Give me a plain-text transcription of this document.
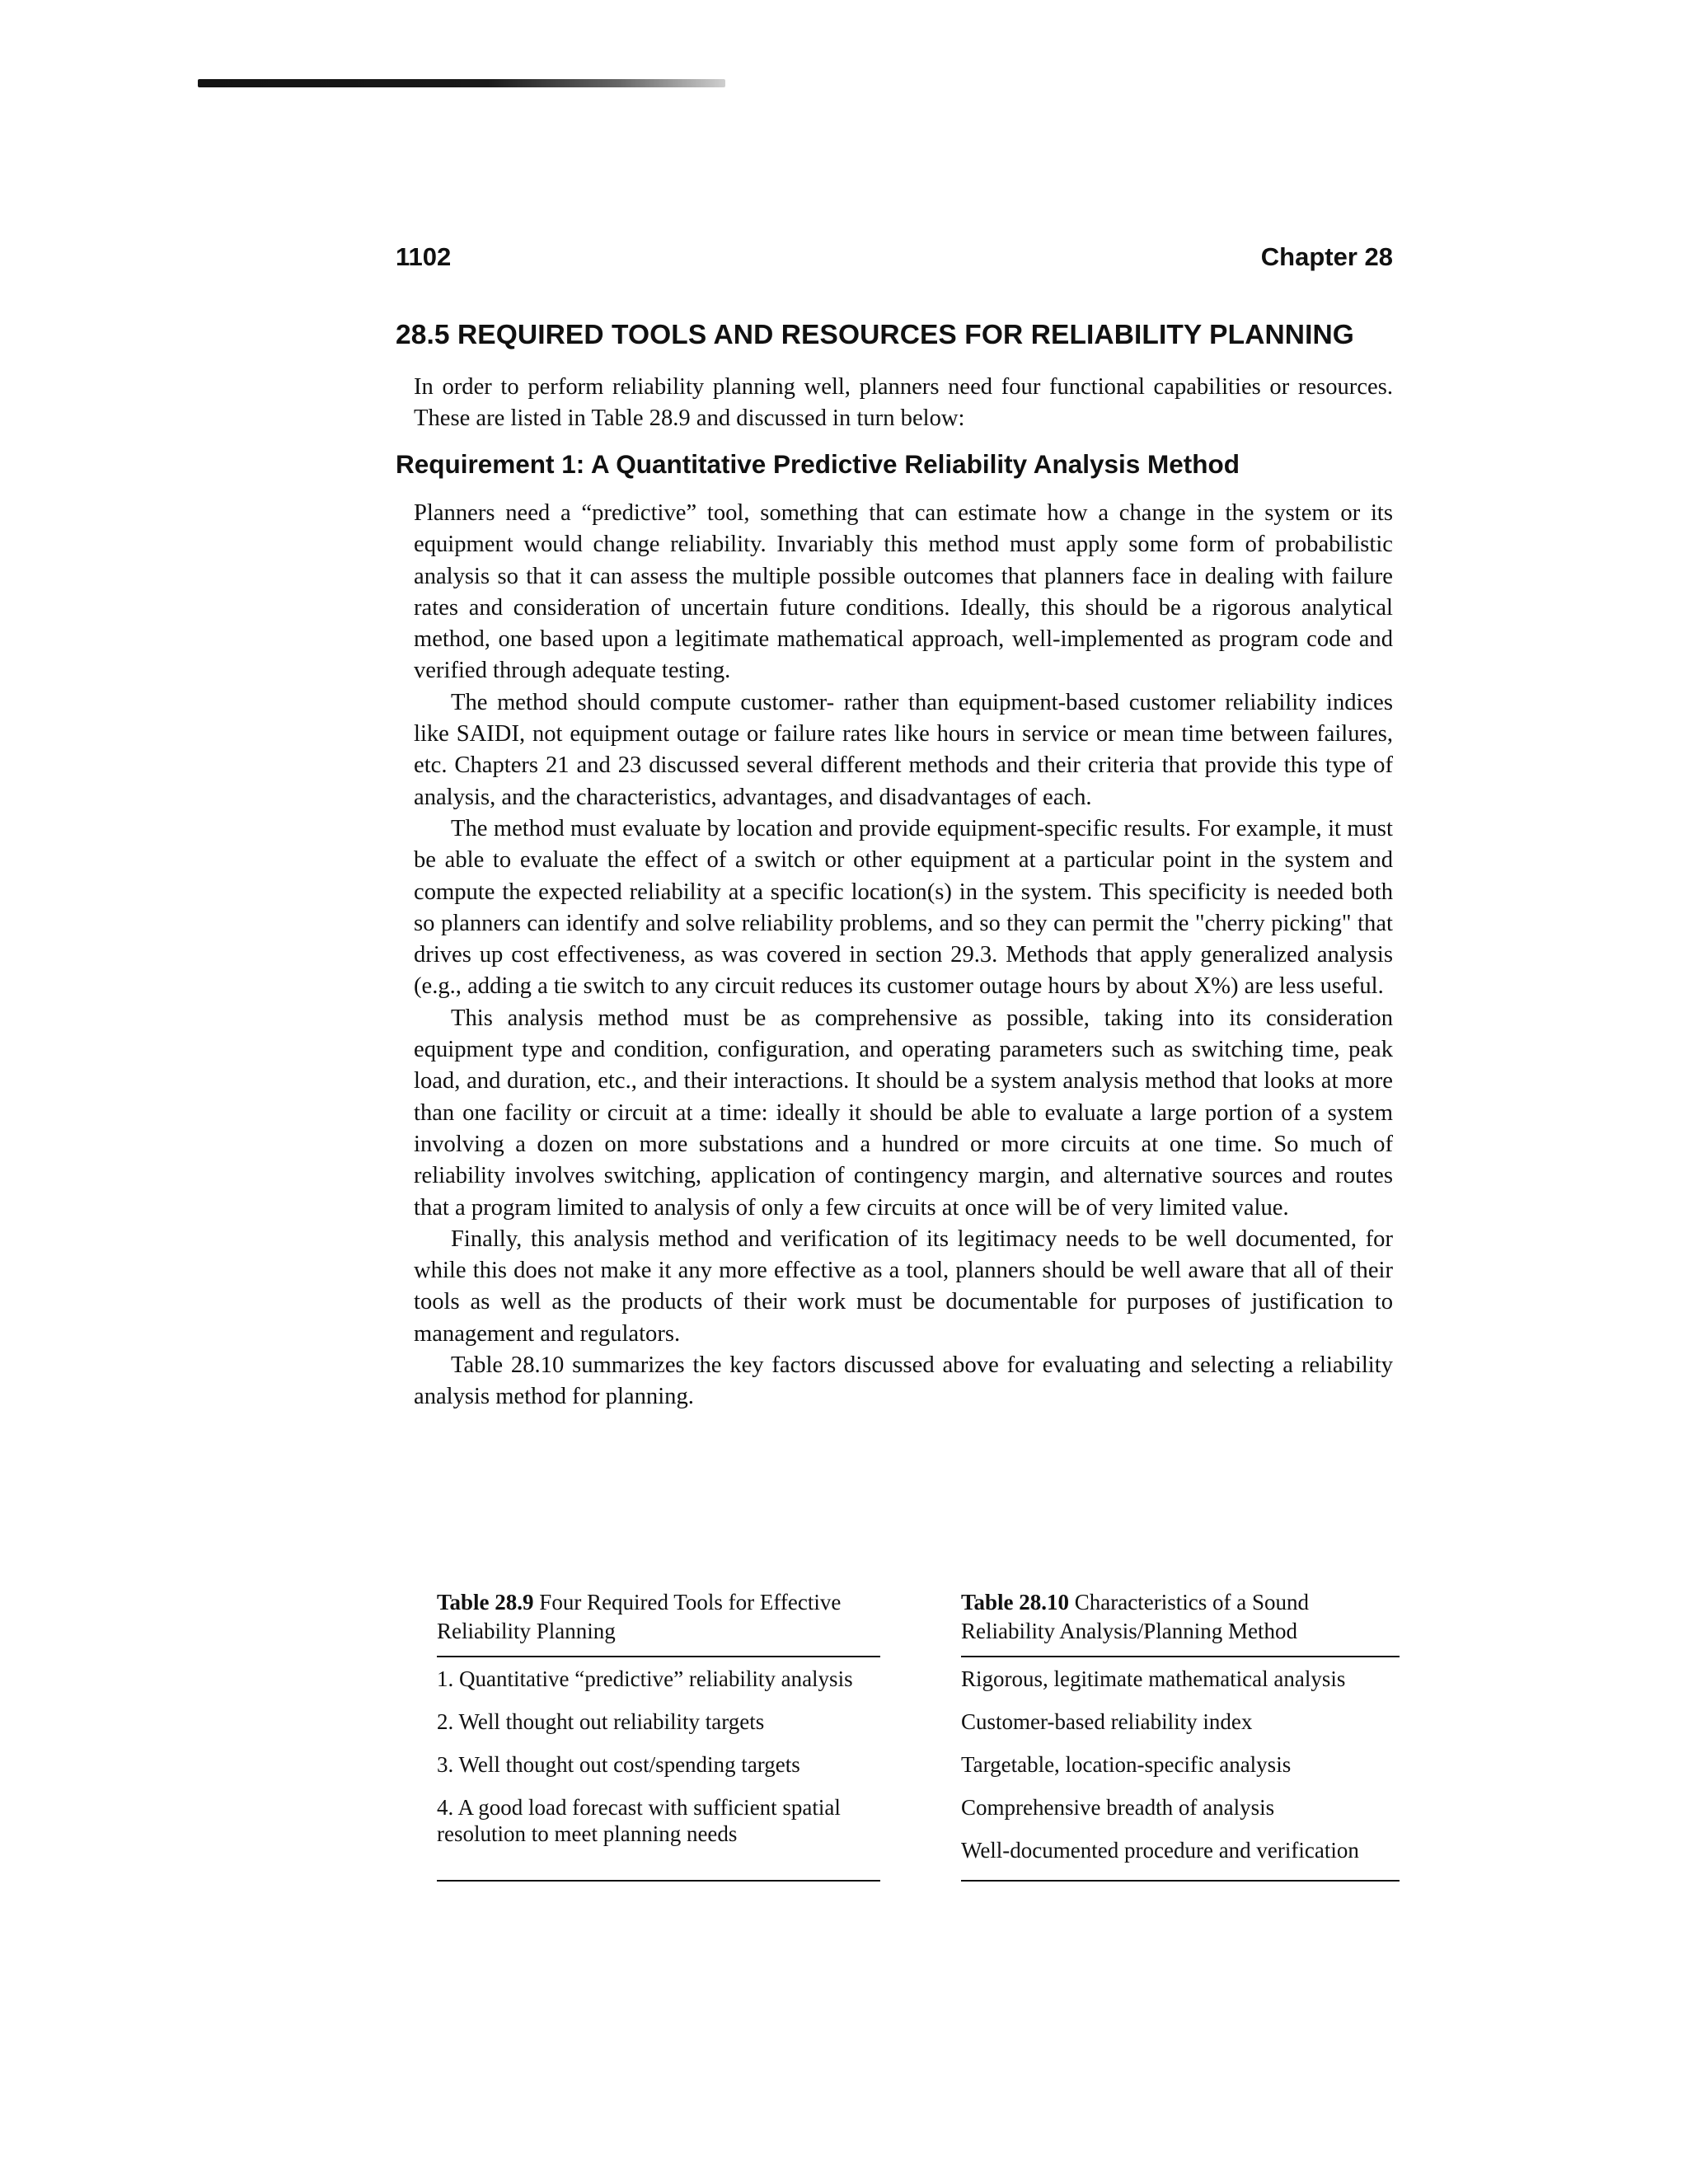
1102	Chapter 28
28.5 REQUIRED TOOLS AND RESOURCES FOR RELIABILITY PLANNING

In order to perform reliability planning well, planners need four functional capabilities or resources. These are listed in Table 28.9 and discussed in turn below:

Requirement 1: A Quantitative Predictive Reliability Analysis Method

Planners need a “predictive” tool, something that can estimate how a change in the system or its equipment would change reliability. Invariably this method must apply some form of probabilistic analysis so that it can assess the multiple possible outcomes that planners face in dealing with failure rates and consideration of uncertain future conditions. Ideally, this should be a rigorous analytical method, one based upon a legitimate mathematical approach, well-implemented as program code and verified through adequate testing.

The method should compute customer- rather than equipment-based customer reliability indices like SAIDI, not equipment outage or failure rates like hours in service or mean time between failures, etc. Chapters 21 and 23 discussed several different methods and their criteria that provide this type of analysis, and the characteristics, advantages, and disadvantages of each.

The method must evaluate by location and provide equipment-specific results. For example, it must be able to evaluate the effect of a switch or other equipment at a particular point in the system and compute the expected reliability at a specific location(s) in the system. This specificity is needed both so planners can identify and solve reliability problems, and so they can permit the "cherry picking" that drives up cost effectiveness, as was covered in section 29.3. Methods that apply generalized analysis (e.g., adding a tie switch to any circuit reduces its customer outage hours by about X%) are less useful.

This analysis method must be as comprehensive as possible, taking into its consideration equipment type and condition, configuration, and operating parameters such as switching time, peak load, and duration, etc., and their interactions. It should be a system analysis method that looks at more than one facility or circuit at a time: ideally it should be able to evaluate a large portion of a system involving a dozen on more substations and a hundred or more circuits at one time. So much of reliability involves switching, application of contingency margin, and alternative sources and routes that a program limited to analysis of only a few circuits at once will be of very limited value.

Finally, this analysis method and verification of its legitimacy needs to be well documented, for while this does not make it any more effective as a tool, planners should be well aware that all of their tools as well as the products of their work must be documentable for purposes of justification to management and regulators.

Table 28.10 summarizes the key factors discussed above for evaluating and selecting a reliability analysis method for planning.

Table 28.9 Four Required Tools for Effective Reliability Planning
1. Quantitative “predictive” reliability analysis
2. Well thought out reliability targets
3. Well thought out cost/spending targets
4. A good load forecast with sufficient spatial resolution to meet planning needs
Table 28.10 Characteristics of a Sound Reliability Analysis/Planning Method
Rigorous, legitimate mathematical analysis
Customer-based reliability index
Targetable, location-specific analysis
Comprehensive breadth of analysis
Well-documented procedure and verification
